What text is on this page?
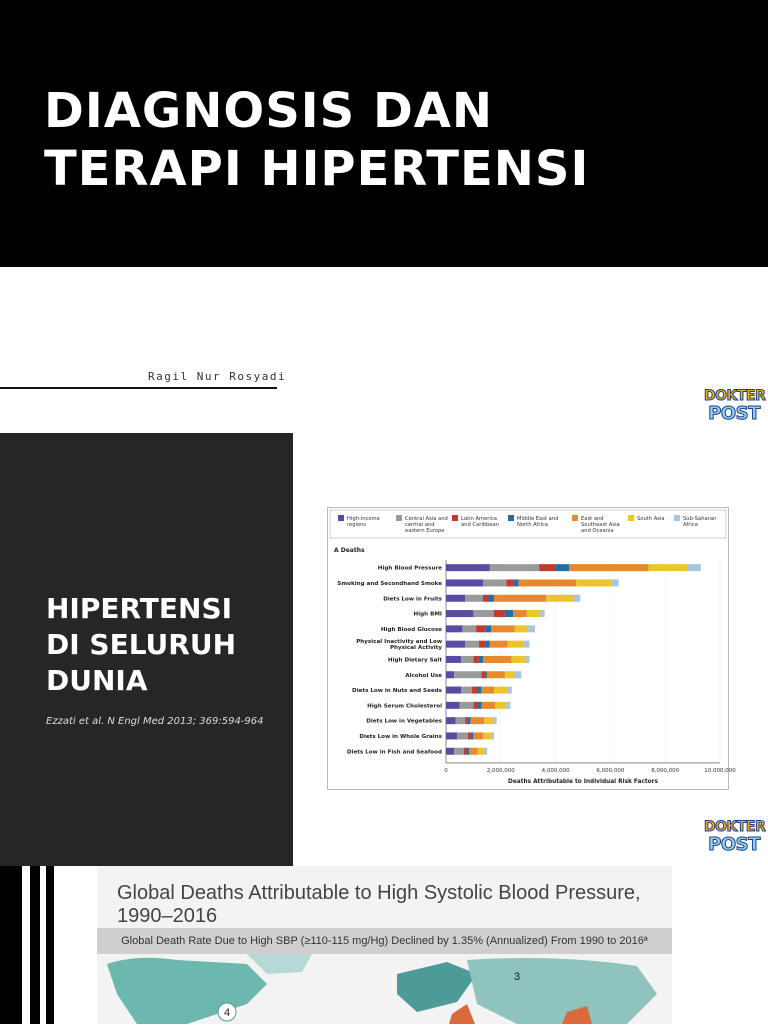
DIAGNOSIS DAN
TERAPI HIPERTENSI
Ragil Nur Rosyadi
DOKTER
POST
HIPERTENSI
DI SELURUH
DUNIA
Ezzati et al. N Engl Med 2013; 369:594-964
High-income regions
Central Asia and central and eastern Europe
Latin America and Caribbean
Middle East and North Africa
East and Southeast Asia and Oceania
South Asia	Sub-Saharan Africa
A Deaths
0	2,000,000	4,000,000	6,000,000	8,000,000	10,000,000
Deaths Attributable to Individual Risk Factors
High Blood Pressure
Smoking and Secondhand Smoke
Diets Low in Fruits
High BMI
High Blood Glucose
Physical Inactivity and Low Physical Activity
High Dietary Salt
Alcohol Use
Diets Low in Nuts and Seeds
High Serum Cholesterol
Diets Low in Vegetables
Diets Low in Whole Grains
Diets Low in Fish and Seafood
DOKTER
POST
Global Deaths Attributable to High Systolic Blood Pressure, 1990–2016
Global Death Rate Due to High SBP (≥110-115 mg/Hg) Declined by 1.35% (Annualized) From 1990 to 2016ª
4
3
